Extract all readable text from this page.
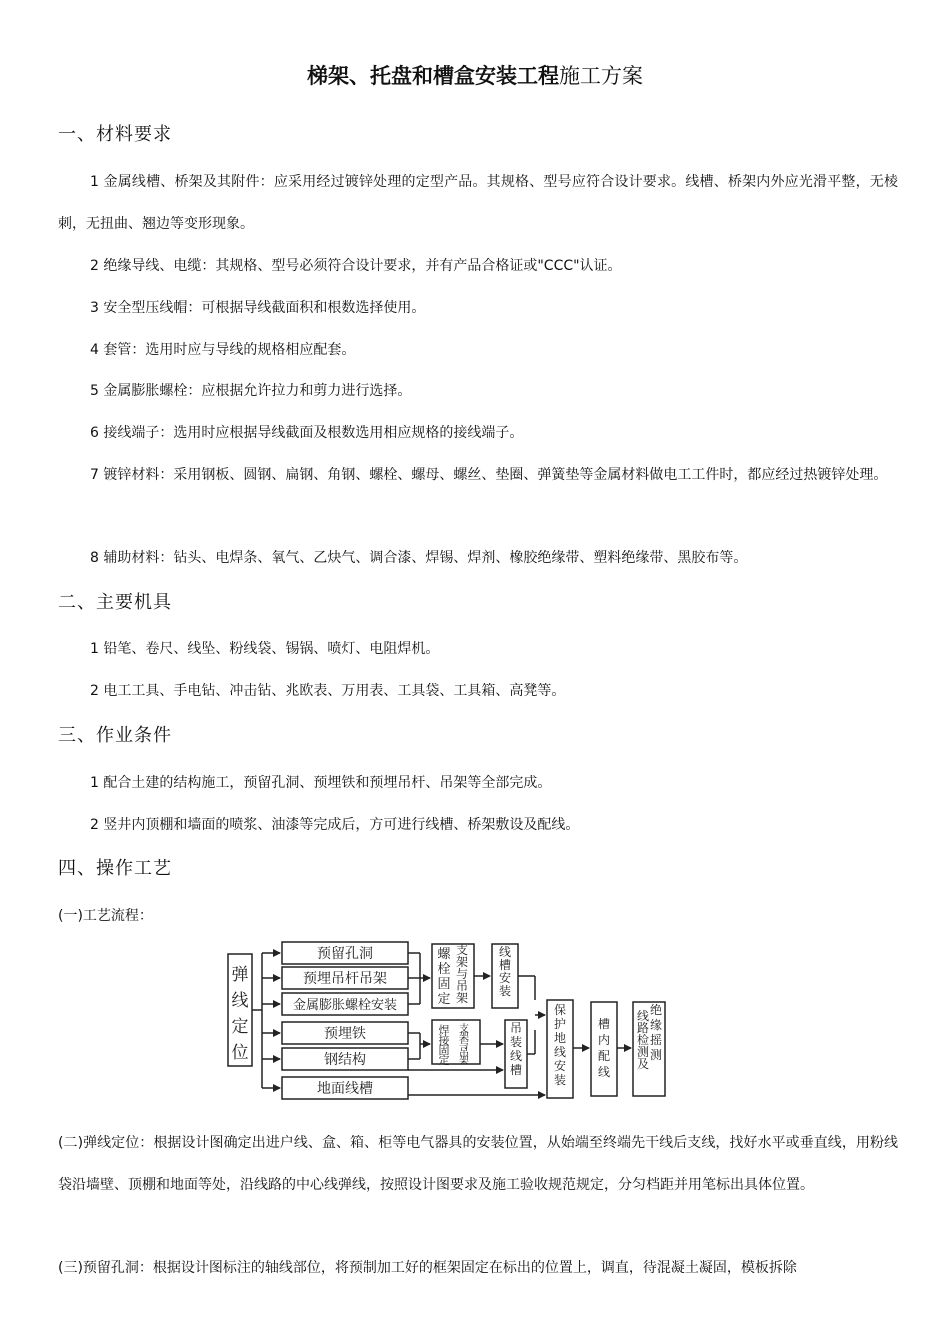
梯架、托盘和槽盒安装工程施工方案
一、材料要求
1 金属线槽、桥架及其附件：应采用经过镀锌处理的定型产品。其规格、型号应符合设计要求。线槽、桥架内外应光滑平整，无棱刺，无扭曲、翘边等变形现象。
2 绝缘导线、电缆：其规格、型号必须符合设计要求，并有产品合格证或"CCC"认证。
3 安全型压线帽：可根据导线截面积和根数选择使用。
4 套管：选用时应与导线的规格相应配套。
5 金属膨胀螺栓：应根据允许拉力和剪力进行选择。
6 接线端子：选用时应根据导线截面及根数选用相应规格的接线端子。
7 镀锌材料：采用钢板、圆钢、扁钢、角钢、螺栓、螺母、螺丝、垫圈、弹簧垫等金属材料做电工工件时，都应经过热镀锌处理。
8 辅助材料：钻头、电焊条、氧气、乙炔气、调合漆、焊锡、焊剂、橡胶绝缘带、塑料绝缘带、黑胶布等。
二、主要机具
1 铅笔、卷尺、线坠、粉线袋、锡锅、喷灯、电阻焊机。
2 电工工具、手电钻、冲击钻、兆欧表、万用表、工具袋、工具箱、高凳等。
三、作业条件
1 配合土建的结构施工，预留孔洞、预埋铁和预埋吊杆、吊架等全部完成。
2 竖井内顶棚和墙面的喷浆、油漆等完成后，方可进行线槽、桥架敷设及配线。
四、操作工艺
(一)工艺流程：
弹
线
定
位
预留孔洞
预埋吊杆吊架
金属膨胀螺栓安装
预埋铁
钢结构
地面线槽
螺
栓
固
定
支
架
与
吊
架
线
槽
安
装
焊
接
固
定
支
架
与
吊
架
吊
装
线
槽
保
护
地
线
安
装
槽
内
配
线
绝
缘
摇
测
线
路
检
测
及
(二)弹线定位：根据设计图确定出进户线、盒、箱、柜等电气器具的安装位置，从始端至终端先干线后支线，找好水平或垂直线，用粉线袋沿墙壁、顶棚和地面等处，沿线路的中心线弹线，按照设计图要求及施工验收规范规定，分匀档距并用笔标出具体位置。
(三)预留孔洞：根据设计图标注的轴线部位，将预制加工好的框架固定在标出的位置上，调直，待混凝土凝固，模板拆除
